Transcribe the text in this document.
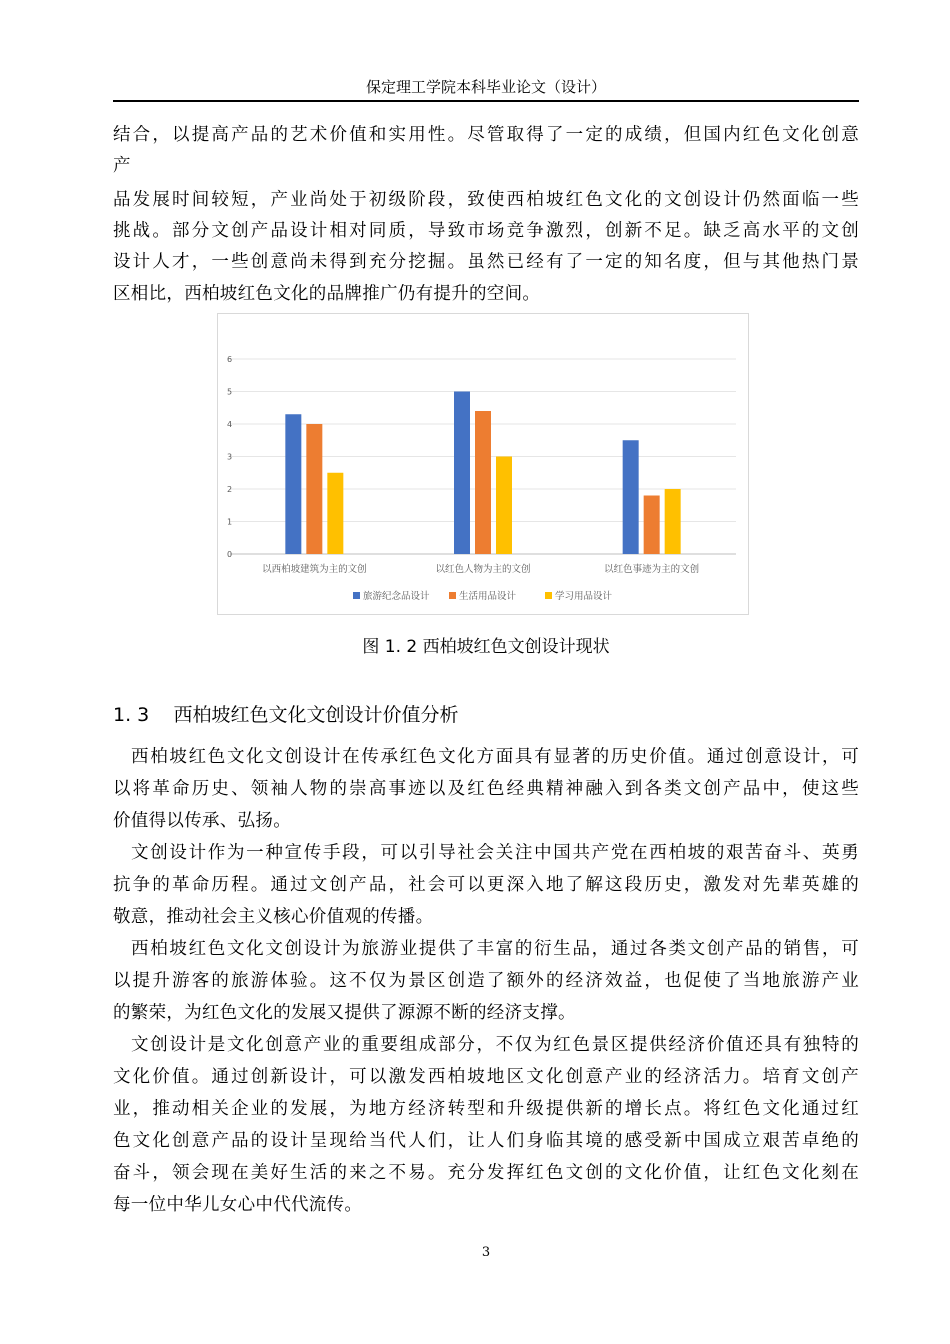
保定理工学院本科毕业论文（设计）
0
1
2
3
4
5
6
以西柏坡建筑为主的文创	以红色人物为主的文创	以红色事迹为主的文创
旅游纪念品设计	生活用品设计	学习用品设计
图 1. 2 西柏坡红色文创设计现状
1. 3 西柏坡红色文化文创设计价值分析
3
结合，以提高产品的艺术价值和实用性。尽管取得了一定的成绩，但国内红色文化创意
产
品发展时间较短，产业尚处于初级阶段，致使西柏坡红色文化的文创设计仍然面临一些
挑战。部分文创产品设计相对同质，导致市场竞争激烈，创新不足。缺乏高水平的文创
设计人才，一些创意尚未得到充分挖掘。虽然已经有了一定的知名度，但与其他热门景
区相比，西柏坡红色文化的品牌推广仍有提升的空间。
西柏坡红色文化文创设计在传承红色文化方面具有显著的历史价值。通过创意设计，可
以将革命历史、领袖人物的崇高事迹以及红色经典精神融入到各类文创产品中，使这些
价值得以传承、弘扬。
文创设计作为一种宣传手段，可以引导社会关注中国共产党在西柏坡的艰苦奋斗、英勇
抗争的革命历程。通过文创产品，社会可以更深入地了解这段历史，激发对先辈英雄的
敬意，推动社会主义核心价值观的传播。
西柏坡红色文化文创设计为旅游业提供了丰富的衍生品，通过各类文创产品的销售，可
以提升游客的旅游体验。这不仅为景区创造了额外的经济效益，也促使了当地旅游产业
的繁荣，为红色文化的发展又提供了源源不断的经济支撑。
文创设计是文化创意产业的重要组成部分，不仅为红色景区提供经济价值还具有独特的
文化价值。通过创新设计，可以激发西柏坡地区文化创意产业的经济活力。培育文创产
业，推动相关企业的发展，为地方经济转型和升级提供新的增长点。将红色文化通过红
色文化创意产品的设计呈现给当代人们，让人们身临其境的感受新中国成立艰苦卓绝的
奋斗，领会现在美好生活的来之不易。充分发挥红色文创的文化价值，让红色文化刻在
每一位中华儿女心中代代流传。
